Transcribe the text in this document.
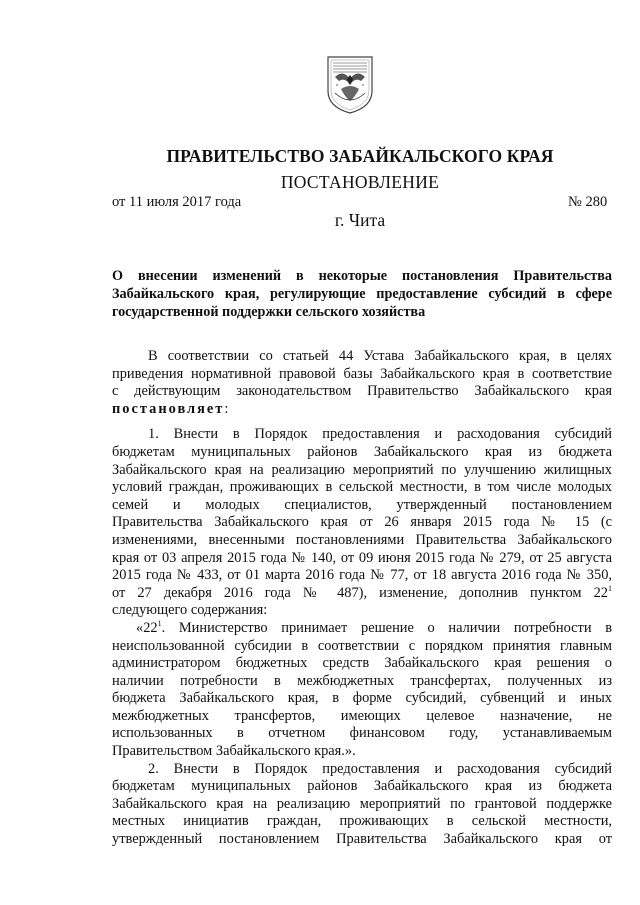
ПРАВИТЕЛЬСТВО ЗАБАЙКАЛЬСКОГО КРАЯ
ПОСТАНОВЛЕНИЕ
от 11 июля 2017 года	№ 280
г. Чита
О внесении изменений в некоторые постановления Правительства Забайкальского края, регулирующие предоставление субсидий в сфере государственной поддержки сельского хозяйства

В соответствии со статьей 44 Устава Забайкальского края, в целях

приведения нормативной правовой базы Забайкальского края в соответствие

с действующим законодательством Правительство Забайкальского края

постановляет:

1. Внести в Порядок предоставления и расходования субсидий

бюджетам муниципальных районов Забайкальского края из бюджета

Забайкальского края на реализацию мероприятий по улучшению жилищных

условий граждан, проживающих в сельской местности, в том числе молодых

семей и молодых специалистов, утвержденный постановлением

Правительства Забайкальского края от 26 января 2015 года № 15 (с

изменениями, внесенными постановлениями Правительства Забайкальского

края от 03 апреля 2015 года № 140, от 09 июня 2015 года № 279, от 25 августа

2015 года № 433, от 01 марта 2016 года № 77, от 18 августа 2016 года № 350,

от 27 декабря 2016 года № 487), изменение, дополнив пунктом $22^1$

следующего содержания:

«$22^1$. Министерство принимает решение о наличии потребности в

неиспользованной субсидии в соответствии с порядком принятия главным

администратором бюджетных средств Забайкальского края решения о

наличии потребности в межбюджетных трансфертах, полученных из

бюджета Забайкальского края, в форме субсидий, субвенций и иных

межбюджетных трансфертов, имеющих целевое назначение, не

использованных в отчетном финансовом году, устанавливаемым

Правительством Забайкальского края.».

2. Внести в Порядок предоставления и расходования субсидий

бюджетам муниципальных районов Забайкальского края из бюджета

Забайкальского края на реализацию мероприятий по грантовой поддержке

местных инициатив граждан, проживающих в сельской местности,

утвержденный постановлением Правительства Забайкальского края от
